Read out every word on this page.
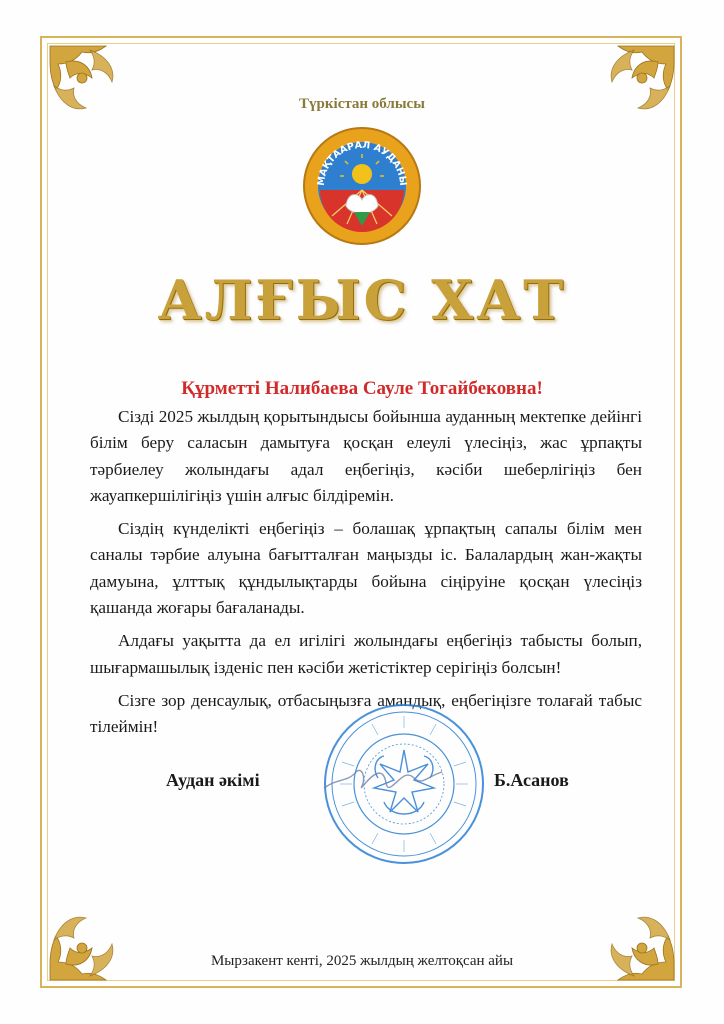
Түркістан облысы
МАҚТААРАЛ АУДАНЫ
АЛҒЫС ХАТ
Құрметті Налибаева Сауле Тогайбековна!

Сізді 2025 жылдың қорытындысы бойынша ауданның мектепке дейінгі білім беру саласын дамытуға қосқан елеулі үлесіңіз, жас ұрпақты тәрбиелеу жолындағы адал еңбегіңіз, кәсіби шеберлігіңіз бен жауапкершілігіңіз үшін алғыс білдіремін.

Сіздің күнделікті еңбегіңіз – болашақ ұрпақтың сапалы білім мен саналы тәрбие алуына бағытталған маңызды іс. Балалардың жан-жақты дамуына, ұлттық құндылықтарды бойына сіңіруіне қосқан үлесіңіз қашанда жоғары бағаланады.

Алдағы уақытта да ел игілігі жолындағы еңбегіңіз табысты болып, шығармашылық ізденіс пен кәсіби жетістіктер серігіңіз болсын!

Сізге зор денсаулық, отбасыңызға амандық, еңбегіңізге толағай табыс тілеймін!

Аудан әкімі	Б.Асанов
Мырзакент кенті, 2025 жылдың желтоқсан айы
